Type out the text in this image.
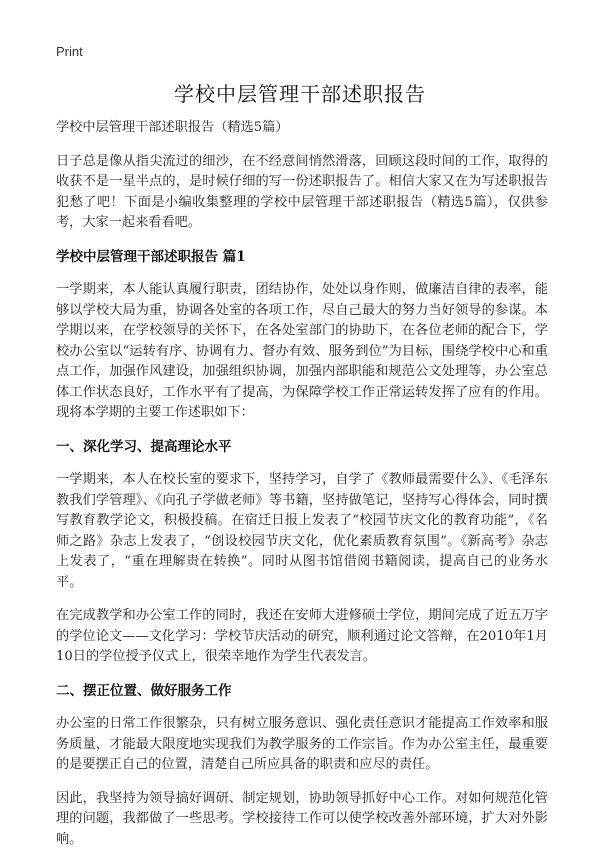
Print
学校中层管理干部述职报告

学校中层管理干部述职报告（精选5篇）

日子总是像从指尖流过的细沙，在不经意间悄然滑落，回顾这段时间的工作，取得的收获不是一星半点的，是时候仔细的写一份述职报告了。相信大家又在为写述职报告犯愁了吧！下面是小编收集整理的学校中层管理干部述职报告（精选5篇），仅供参考，大家一起来看看吧。

学校中层管理干部述职报告 篇1

一学期来，本人能认真履行职责，团结协作，处处以身作则，做廉洁自律的表率，能够以学校大局为重，协调各处室的各项工作，尽自己最大的努力当好领导的参谋。本学期以来，在学校领导的关怀下，在各处室部门的协助下，在各位老师的配合下，学校办公室以“运转有序、协调有力、督办有效、服务到位”为目标，围绕学校中心和重点工作，加强作风建设，加强组织协调，加强内部职能和规范公文处理等，办公室总体工作状态良好，工作水平有了提高，为保障学校工作正常运转发挥了应有的作用。现将本学期的主要工作述职如下：

一、深化学习、提高理论水平

一学期来，本人在校长室的要求下，坚持学习，自学了《教师最需要什么》、《毛泽东教我们学管理》、《向孔子学做老师》等书籍，坚持做笔记，坚持写心得体会，同时撰写教育教学论文，积极投稿。在宿迁日报上发表了“校园节庆文化的教育功能”，《名师之路》杂志上发表了，“创设校园节庆文化，优化素质教育氛围”。《新高考》杂志上发表了，“重在理解贵在转换”。同时从图书馆借阅书籍阅读，提高自己的业务水平。

在完成教学和办公室工作的同时，我还在安师大进修硕士学位，期间完成了近五万字的学位论文——文化学习：学校节庆活动的研究，顺利通过论文答辩，在2010年1月10日的学位授予仪式上，很荣幸地作为学生代表发言。

二、摆正位置、做好服务工作

办公室的日常工作很繁杂，只有树立服务意识、强化责任意识才能提高工作效率和服务质量，才能最大限度地实现我们为教学服务的工作宗旨。作为办公室主任，最重要的是要摆正自己的位置，清楚自己所应具备的职责和应尽的责任。

因此，我坚持为领导搞好调研、制定规划，协助领导抓好中心工作。对如何规范化管理的问题，我都做了一些思考。学校接待工作可以使学校改善外部环境，扩大对外影响。
